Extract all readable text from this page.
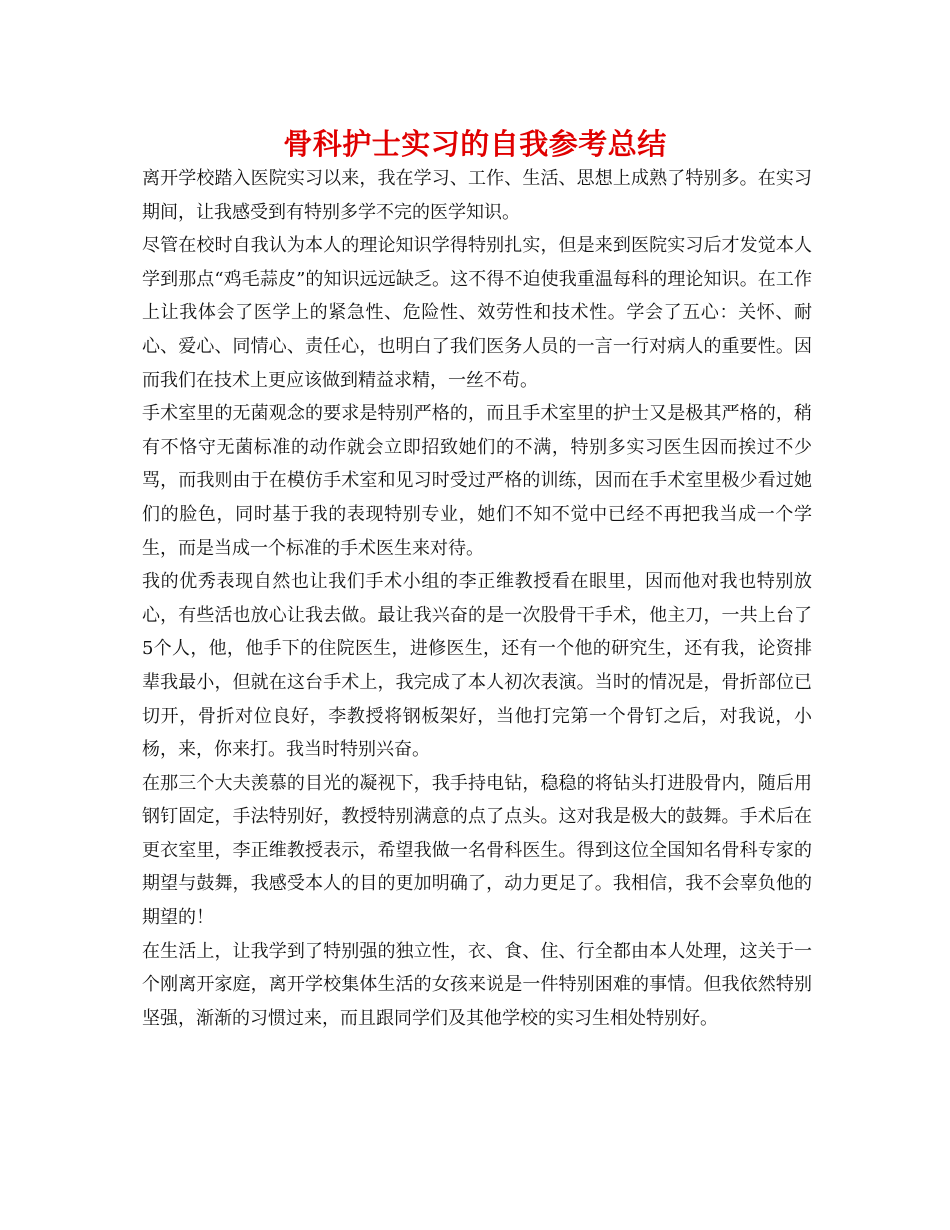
骨科护士实习的自我参考总结

离开学校踏入医院实习以来，我在学习、工作、生活、思想上成熟了特别多。在实习期间，让我感受到有特别多学不完的医学知识。

尽管在校时自我认为本人的理论知识学得特别扎实，但是来到医院实习后才发觉本人学到那点“鸡毛蒜皮”的知识远远缺乏。这不得不迫使我重温每科的理论知识。在工作上让我体会了医学上的紧急性、危险性、效劳性和技术性。学会了五心：关怀、耐心、爱心、同情心、责任心，也明白了我们医务人员的一言一行对病人的重要性。因而我们在技术上更应该做到精益求精，一丝不苟。

手术室里的无菌观念的要求是特别严格的，而且手术室里的护士又是极其严格的，稍有不恪守无菌标准的动作就会立即招致她们的不满，特别多实习医生因而挨过不少骂，而我则由于在模仿手术室和见习时受过严格的训练，因而在手术室里极少看过她们的脸色，同时基于我的表现特别专业，她们不知不觉中已经不再把我当成一个学生，而是当成一个标准的手术医生来对待。

我的优秀表现自然也让我们手术小组的李正维教授看在眼里，因而他对我也特别放心，有些活也放心让我去做。最让我兴奋的是一次股骨干手术，他主刀，一共上台了5个人，他，他手下的住院医生，进修医生，还有一个他的研究生，还有我，论资排辈我最小，但就在这台手术上，我完成了本人初次表演。当时的情况是，骨折部位已切开，骨折对位良好，李教授将钢板架好，当他打完第一个骨钉之后，对我说，小杨，来，你来打。我当时特别兴奋。

在那三个大夫羡慕的目光的凝视下，我手持电钻，稳稳的将钻头打进股骨内，随后用钢钉固定，手法特别好，教授特别满意的点了点头。这对我是极大的鼓舞。手术后在更衣室里，李正维教授表示，希望我做一名骨科医生。得到这位全国知名骨科专家的期望与鼓舞，我感受本人的目的更加明确了，动力更足了。我相信，我不会辜负他的期望的！

在生活上，让我学到了特别强的独立性，衣、食、住、行全都由本人处理，这关于一个刚离开家庭，离开学校集体生活的女孩来说是一件特别困难的事情。但我依然特别坚强，渐渐的习惯过来，而且跟同学们及其他学校的实习生相处特别好。
